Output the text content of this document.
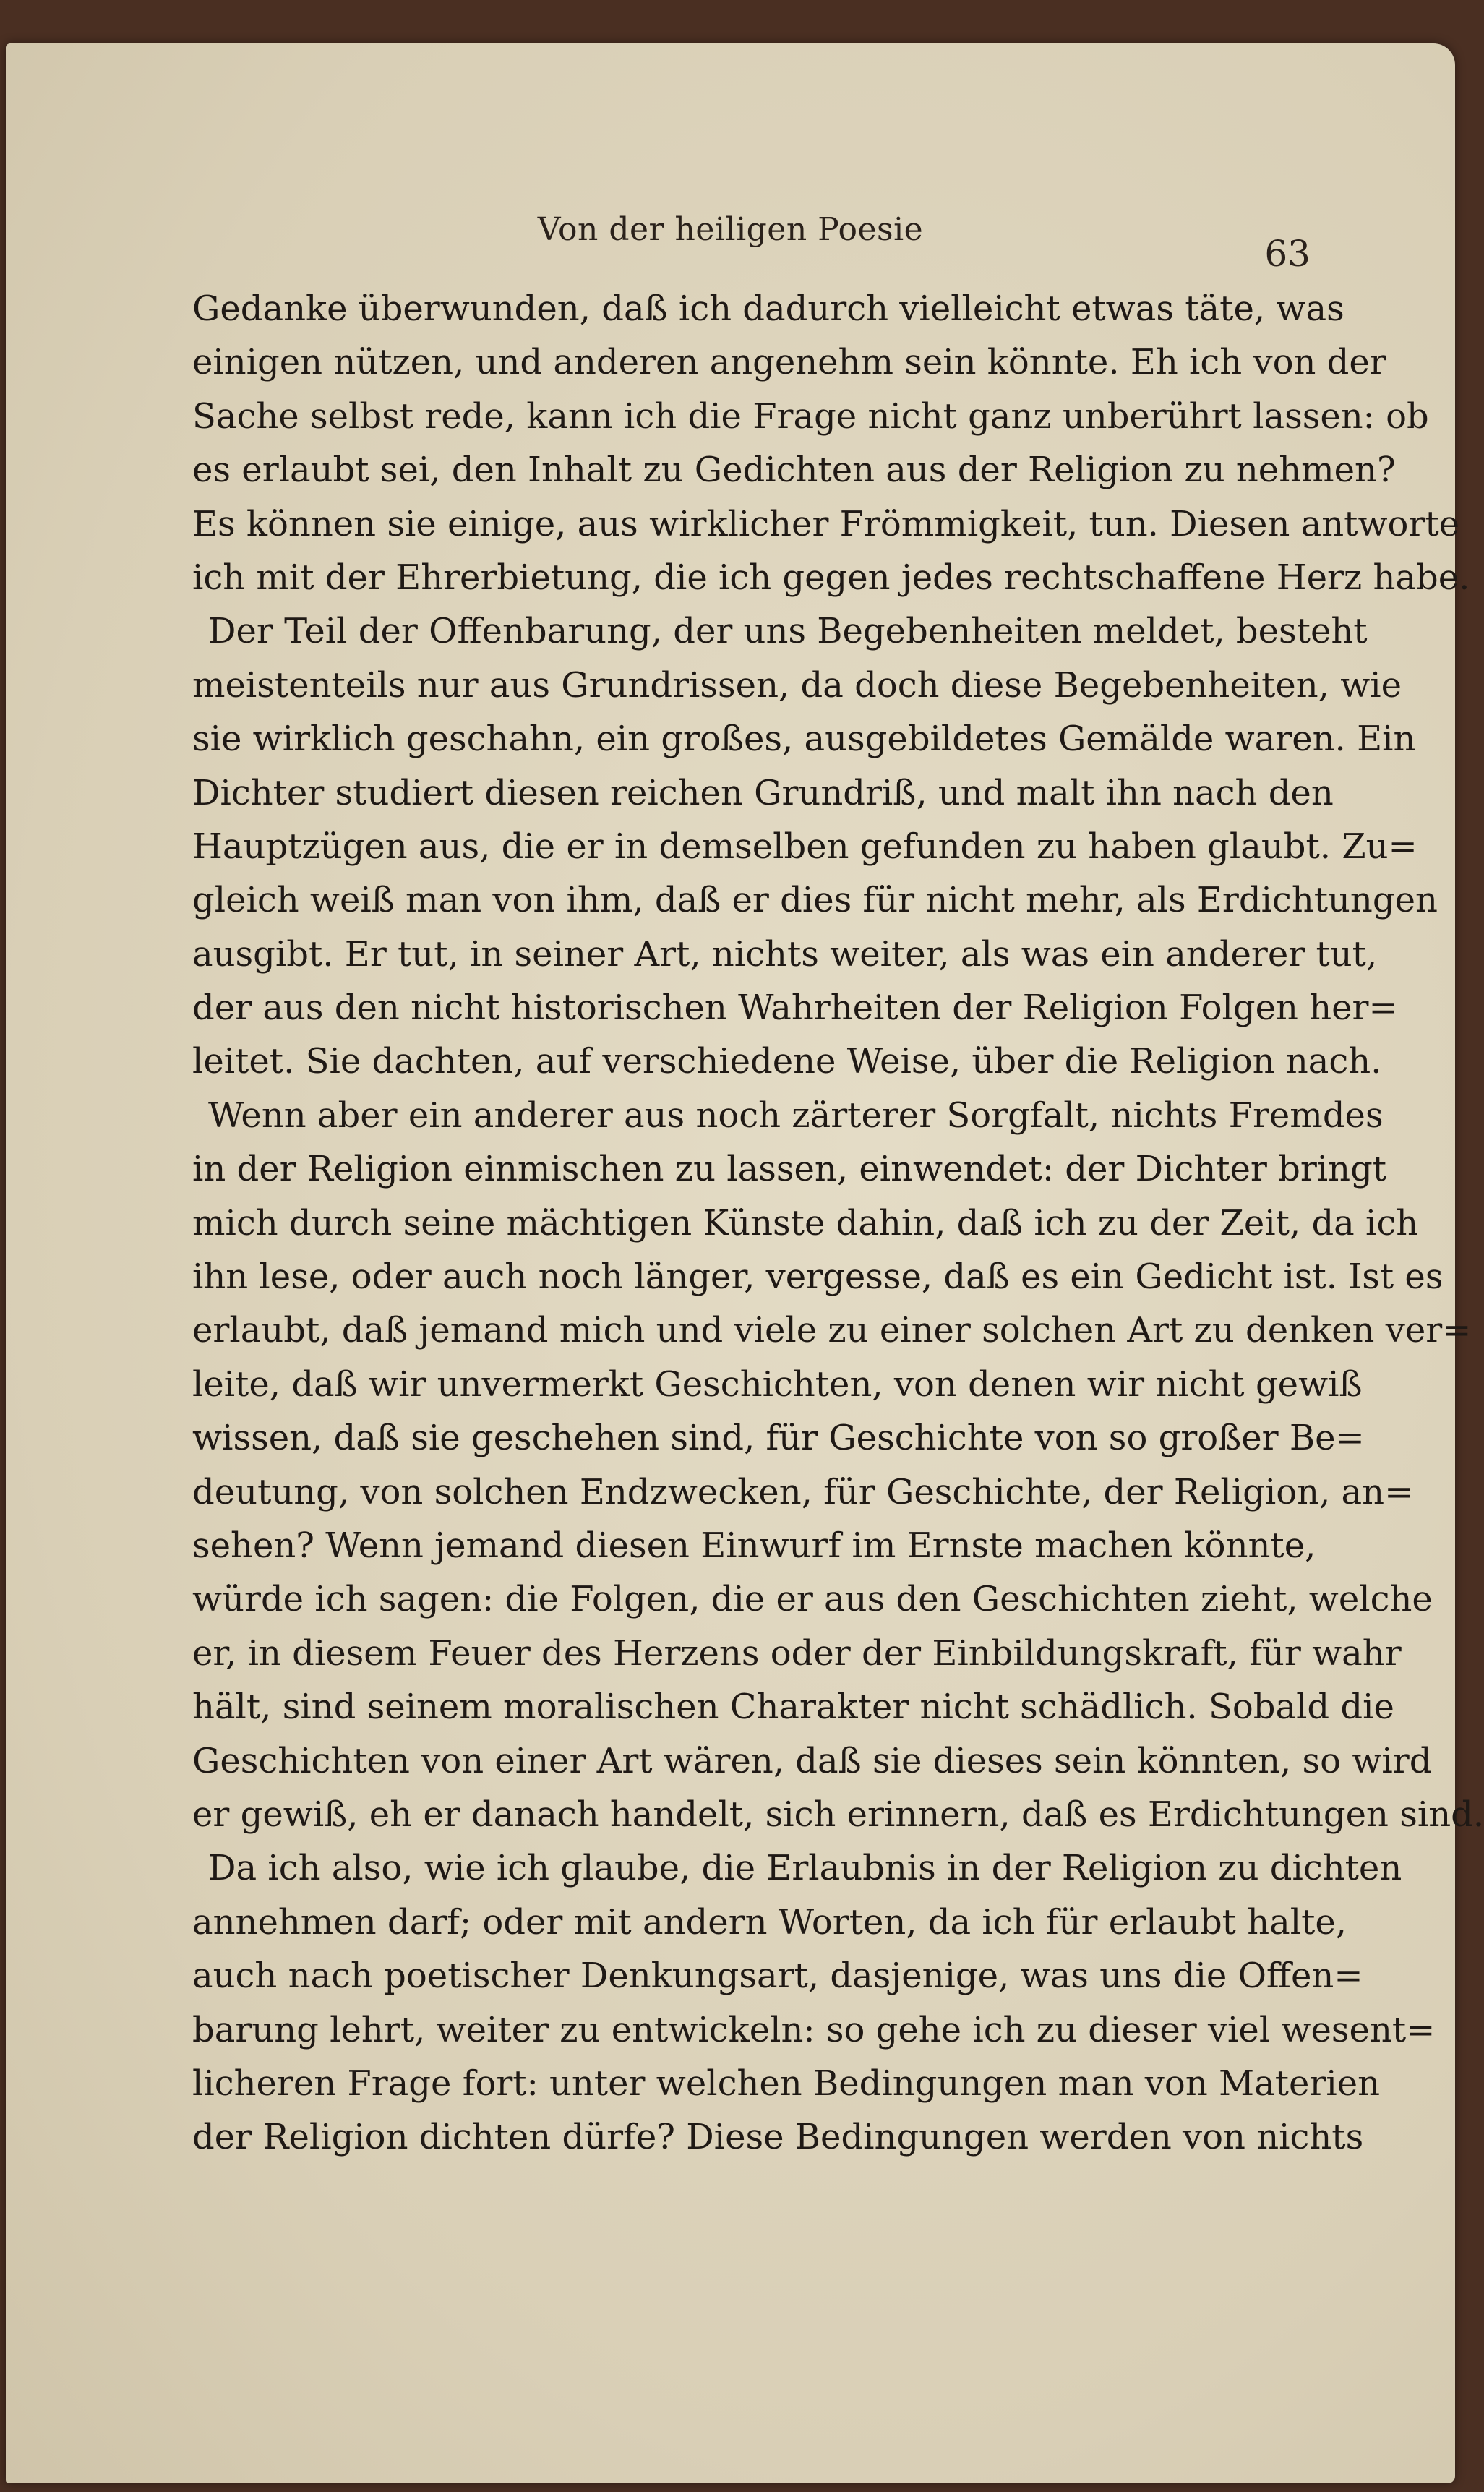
Von der heiligen Poesie
63
Gedanke überwunden, daß ich dadurch vielleicht etwas täte, was
einigen nützen, und anderen angenehm sein könnte. Eh ich von der
Sache selbst rede, kann ich die Frage nicht ganz unberührt lassen: ob
es erlaubt sei, den Inhalt zu Gedichten aus der Religion zu nehmen?
Es können sie einige, aus wirklicher Frömmigkeit, tun. Diesen antworte
ich mit der Ehrerbietung, die ich gegen jedes rechtschaffene Herz habe.
Der Teil der Offenbarung, der uns Begebenheiten meldet, besteht
meistenteils nur aus Grundrissen, da doch diese Begebenheiten, wie
sie wirklich geschahn, ein großes, ausgebildetes Gemälde waren. Ein
Dichter studiert diesen reichen Grundriß, und malt ihn nach den
Hauptzügen aus, die er in demselben gefunden zu haben glaubt. Zu=
gleich weiß man von ihm, daß er dies für nicht mehr, als Erdichtungen
ausgibt. Er tut, in seiner Art, nichts weiter, als was ein anderer tut,
der aus den nicht historischen Wahrheiten der Religion Folgen her=
leitet. Sie dachten, auf verschiedene Weise, über die Religion nach.
Wenn aber ein anderer aus noch zärterer Sorgfalt, nichts Fremdes
in der Religion einmischen zu lassen, einwendet: der Dichter bringt
mich durch seine mächtigen Künste dahin, daß ich zu der Zeit, da ich
ihn lese, oder auch noch länger, vergesse, daß es ein Gedicht ist. Ist es
erlaubt, daß jemand mich und viele zu einer solchen Art zu denken ver=
leite, daß wir unvermerkt Geschichten, von denen wir nicht gewiß
wissen, daß sie geschehen sind, für Geschichte von so großer Be=
deutung, von solchen Endzwecken, für Geschichte, der Religion, an=
sehen? Wenn jemand diesen Einwurf im Ernste machen könnte,
würde ich sagen: die Folgen, die er aus den Geschichten zieht, welche
er, in diesem Feuer des Herzens oder der Einbildungskraft, für wahr
hält, sind seinem moralischen Charakter nicht schädlich. Sobald die
Geschichten von einer Art wären, daß sie dieses sein könnten, so wird
er gewiß, eh er danach handelt, sich erinnern, daß es Erdichtungen sind.
Da ich also, wie ich glaube, die Erlaubnis in der Religion zu dichten
annehmen darf; oder mit andern Worten, da ich für erlaubt halte,
auch nach poetischer Denkungsart, dasjenige, was uns die Offen=
barung lehrt, weiter zu entwickeln: so gehe ich zu dieser viel wesent=
licheren Frage fort: unter welchen Bedingungen man von Materien
der Religion dichten dürfe? Diese Bedingungen werden von nichts
